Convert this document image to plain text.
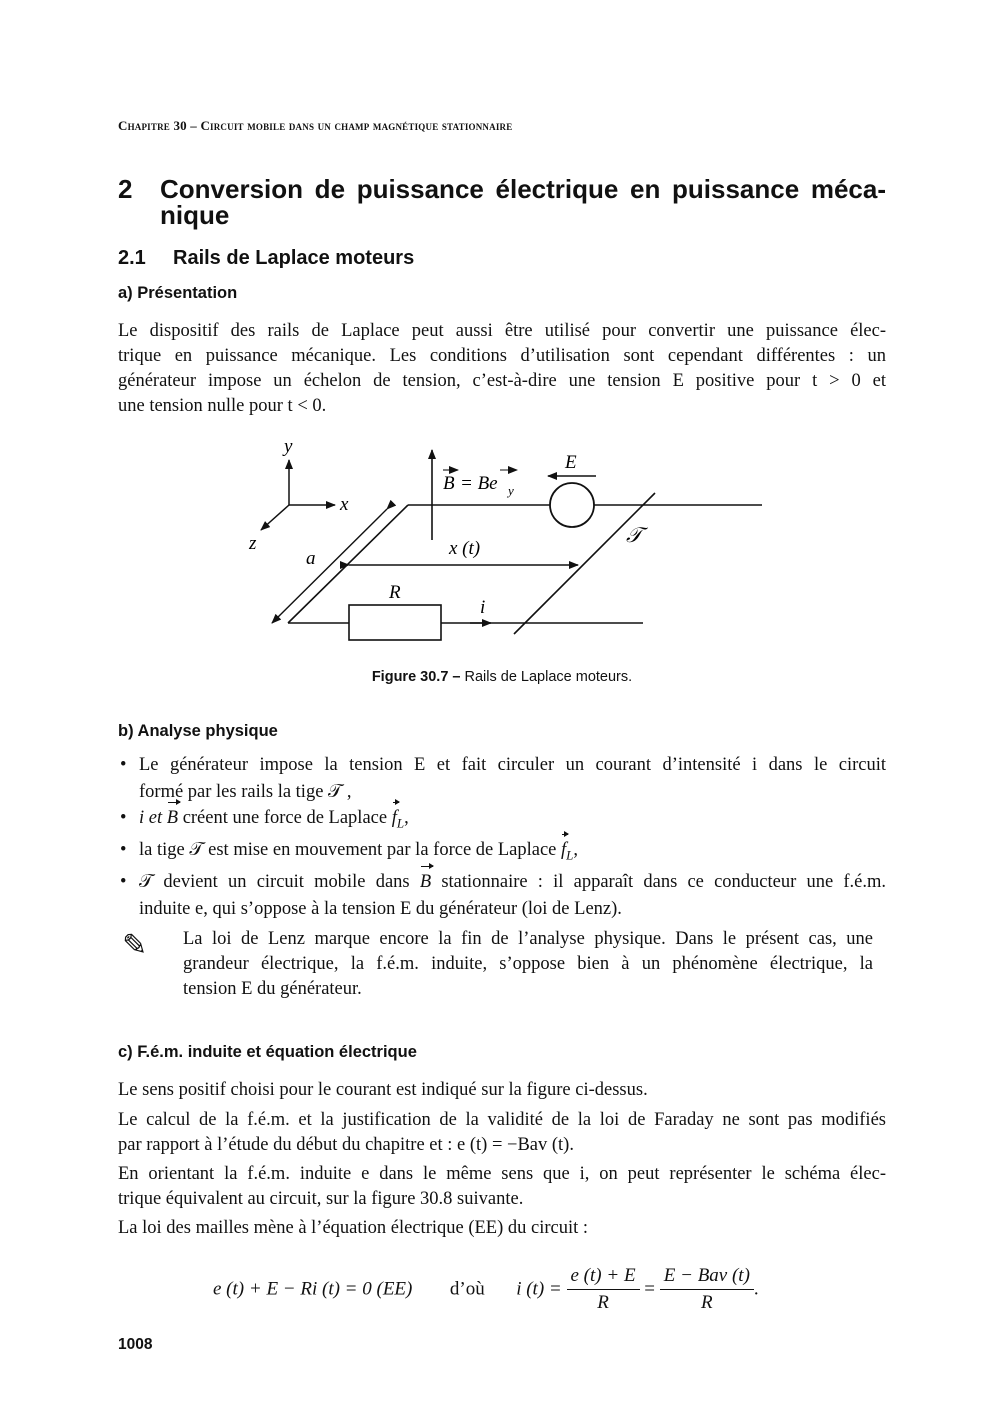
Chapitre 30 – Circuit mobile dans un champ magnétique stationnaire
2 Conversion de puissance électrique en puissance méca-
nique
2.1 Rails de Laplace moteurs
a) Présentation
Le dispositif des rails de Laplace peut aussi être utilisé pour convertir une puissance élec-
trique en puissance mécanique. Les conditions d’utilisation sont cependant différentes : un
générateur impose un échelon de tension, c’est-à-dire une tension E positive pour t > 0 et
une tension nulle pour t < 0.
y
x
z
a	x (t)
E
B = Be y
𝒯
R
i
Figure 30.7 – Rails de Laplace moteurs.
b) Analyse physique
• Le générateur impose la tension E et fait circuler un courant d’intensité i dans le circuit
formé par les rails la tige 𝒯 ,
• i et B créent une force de Laplace $f_L$,
• la tige 𝒯 est mise en mouvement par la force de Laplace $f_L$,
• 𝒯 devient un circuit mobile dans B stationnaire : il apparaît dans ce conducteur une f.é.m.
induite e, qui s’oppose à la tension E du générateur (loi de Lenz).
✎ La loi de Lenz marque encore la fin de l’analyse physique. Dans le présent cas, une
grandeur électrique, la f.é.m. induite, s’oppose bien à un phénomène électrique, la
tension E du générateur.
c) F.é.m. induite et équation électrique
Le sens positif choisi pour le courant est indiqué sur la figure ci-dessus.
Le calcul de la f.é.m. et la justification de la validité de la loi de Faraday ne sont pas modifiés
par rapport à l’étude du début du chapitre et : e (t) = −Bav (t).
En orientant la f.é.m. induite e dans le même sens que i, on peut représenter le schéma élec-
trique équivalent au circuit, sur la figure 30.8 suivante.
La loi des mailles mène à l’équation électrique (EE) du circuit :
e (t) + E − Ri (t) = 0 (EE) d’où i $(t) = \frac{e (t) + E}{R} = \frac{\text{E − Bav (t)}}{R}$ .
1008
